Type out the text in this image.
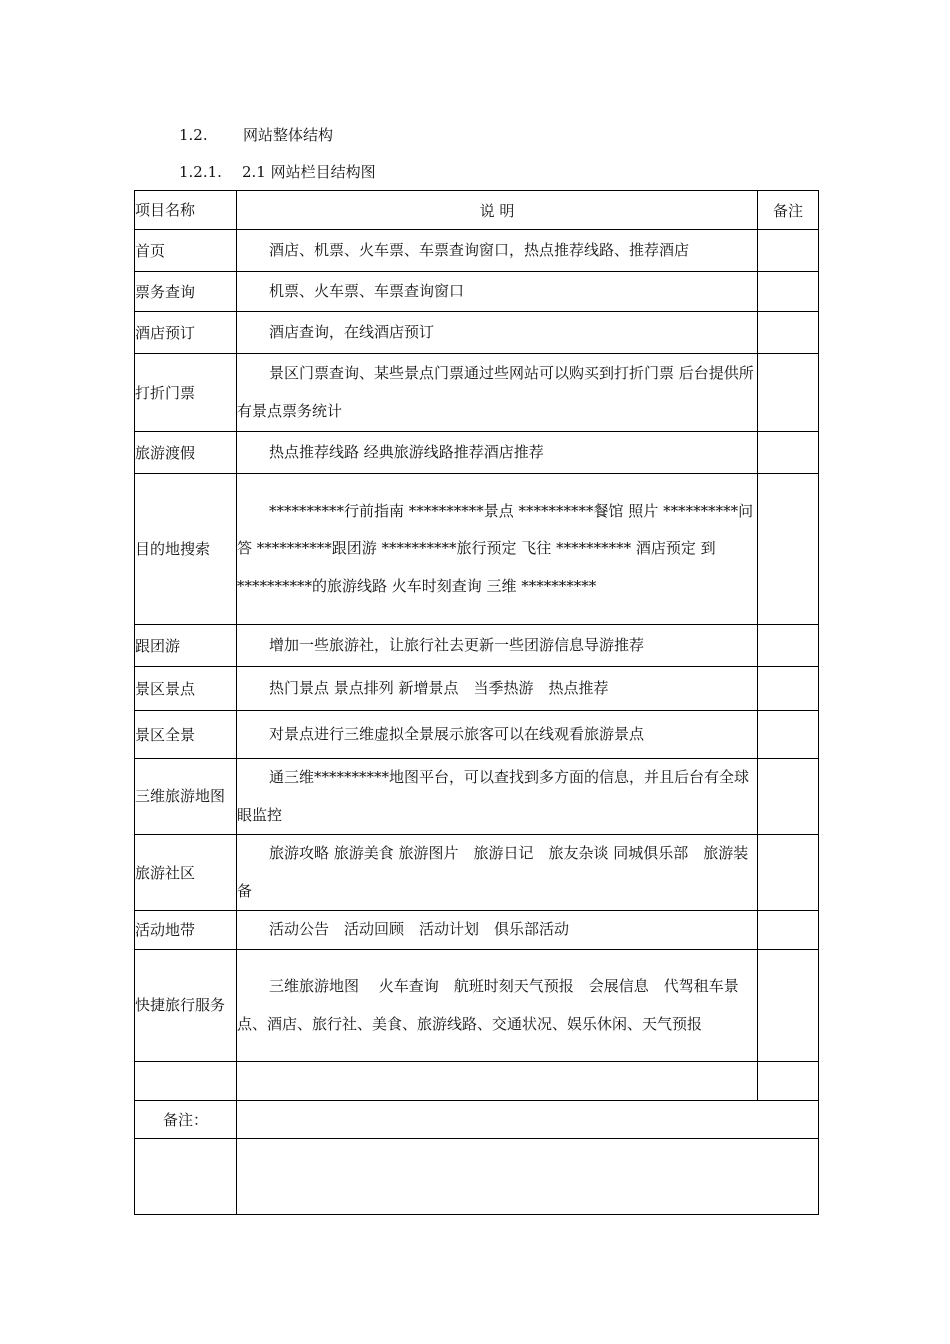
1.2. 网站整体结构
1.2.1. 2.1 网站栏目结构图
项目名称	说 明	备注
首页	酒店、机票、火车票、车票查询窗口，热点推荐线路、推荐酒店	

票务查询	机票、火车票、车票查询窗口	

酒店预订	酒店查询，在线酒店预订	

打折门票	景区门票查询、某些景点门票通过些网站可以购买到打折门票 后台提供所有景点票务统计	

旅游渡假	热点推荐线路 经典旅游线路推荐酒店推荐	

目的地搜索	**********行前指南 **********景点 **********餐馆 照片 **********问答 **********跟团游 **********旅行预定 飞往 ********** 酒店预定 到**********的旅游线路 火车时刻查询 三维 **********	

跟团游	增加一些旅游社，让旅行社去更新一些团游信息导游推荐	

景区景点	热门景点 景点排列 新增景点　当季热游　热点推荐	

景区全景	对景点进行三维虚拟全景展示旅客可以在线观看旅游景点	

三维旅游地图	通三维**********地图平台，可以查找到多方面的信息，并且后台有全球眼监控	

旅游社区	旅游攻略 旅游美食 旅游图片　旅游日记　旅友杂谈 同城俱乐部　旅游装备	

活动地带	活动公告　活动回顾　活动计划　俱乐部活动	

快捷旅行服务	三维旅游地图　 火车查询　航班时刻天气预报　会展信息　代驾租车景点、酒店、旅行社、美食、旅游线路、交通状况、娱乐休闲、天气预报	

备注：		
